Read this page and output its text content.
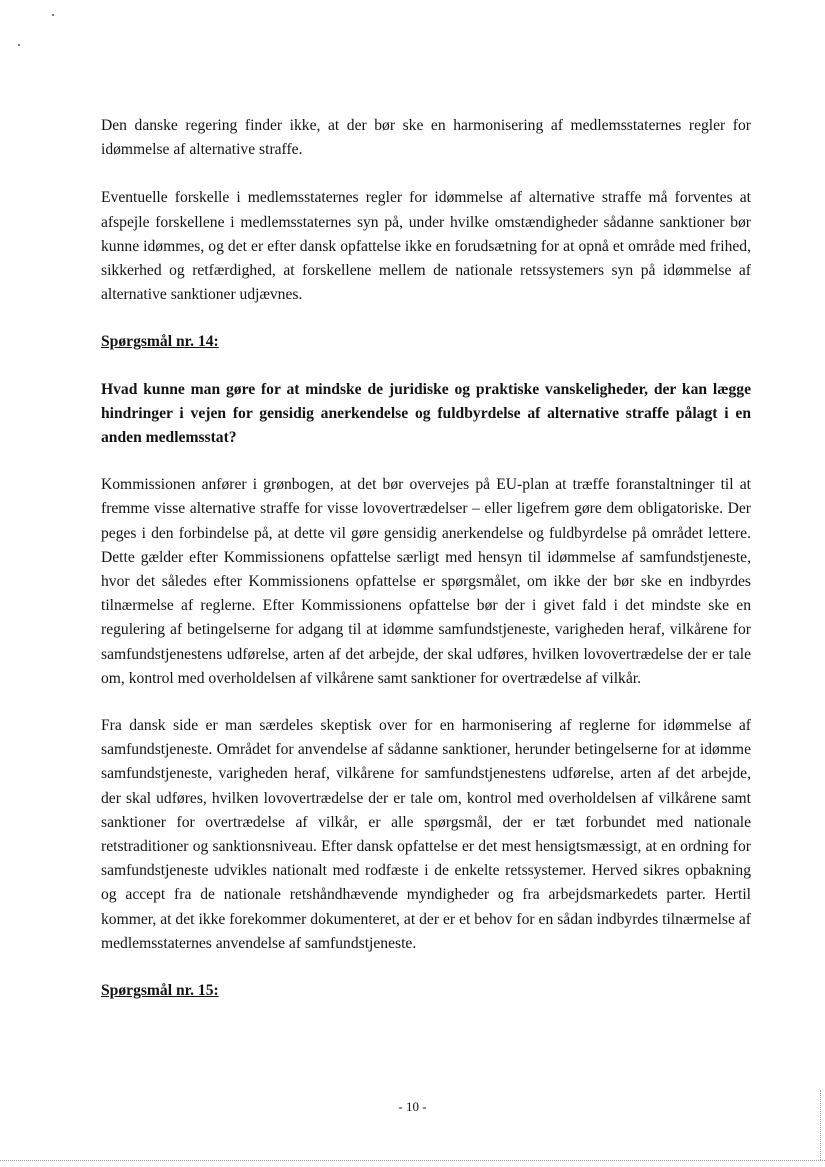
Den danske regering finder ikke, at der bør ske en harmonisering af medlemsstaternes regler for idømmelse af alternative straffe.

Eventuelle forskelle i medlemsstaternes regler for idømmelse af alternative straffe må forventes at afspejle forskellene i medlemsstaternes syn på, under hvilke omstændigheder sådanne sanktioner bør kunne idømmes, og det er efter dansk opfattelse ikke en forudsætning for at opnå et område med frihed, sikkerhed og retfærdighed, at forskellene mellem de nationale retssystemers syn på idømmelse af alternative sanktioner udjævnes.

Spørgsmål nr. 14:

Hvad kunne man gøre for at mindske de juridiske og praktiske vanskeligheder, der kan lægge hindringer i vejen for gensidig anerkendelse og fuldbyrdelse af alternative straffe pålagt i en anden medlemsstat?

Kommissionen anfører i grønbogen, at det bør overvejes på EU-plan at træffe foranstaltninger til at fremme visse alternative straffe for visse lovovertrædelser – eller ligefrem gøre dem obligatoriske. Der peges i den forbindelse på, at dette vil gøre gensidig anerkendelse og fuldbyrdelse på området lettere. Dette gælder efter Kommissionens opfattelse særligt med hensyn til idømmelse af samfundstjeneste, hvor det således efter Kommissionens opfattelse er spørgsmålet, om ikke der bør ske en indbyrdes tilnærmelse af reglerne. Efter Kommissionens opfattelse bør der i givet fald i det mindste ske en regulering af betingelserne for adgang til at idømme samfundstjeneste, varigheden heraf, vilkårene for samfundstjenestens udførelse, arten af det arbejde, der skal udføres, hvilken lovovertrædelse der er tale om, kontrol med overholdelsen af vilkårene samt sanktioner for overtrædelse af vilkår.

Fra dansk side er man særdeles skeptisk over for en harmonisering af reglerne for idømmelse af samfundstjeneste. Området for anvendelse af sådanne sanktioner, herunder betingelserne for at idømme samfundstjeneste, varigheden heraf, vilkårene for samfundstjenestens udførelse, arten af det arbejde, der skal udføres, hvilken lovovertrædelse der er tale om, kontrol med overholdelsen af vilkårene samt sanktioner for overtrædelse af vilkår, er alle spørgsmål, der er tæt forbundet med nationale retstraditioner og sanktionsniveau. Efter dansk opfattelse er det mest hensigtsmæssigt, at en ordning for samfundstjeneste udvikles nationalt med rodfæste i de enkelte retssystemer. Herved sikres opbakning og accept fra de nationale retshåndhævende myndigheder og fra arbejdsmarkedets parter. Hertil kommer, at det ikke forekommer dokumenteret, at der er et behov for en sådan indbyrdes tilnærmelse af medlemsstaternes anvendelse af samfundstjeneste.

Spørgsmål nr. 15:

- 10 -
